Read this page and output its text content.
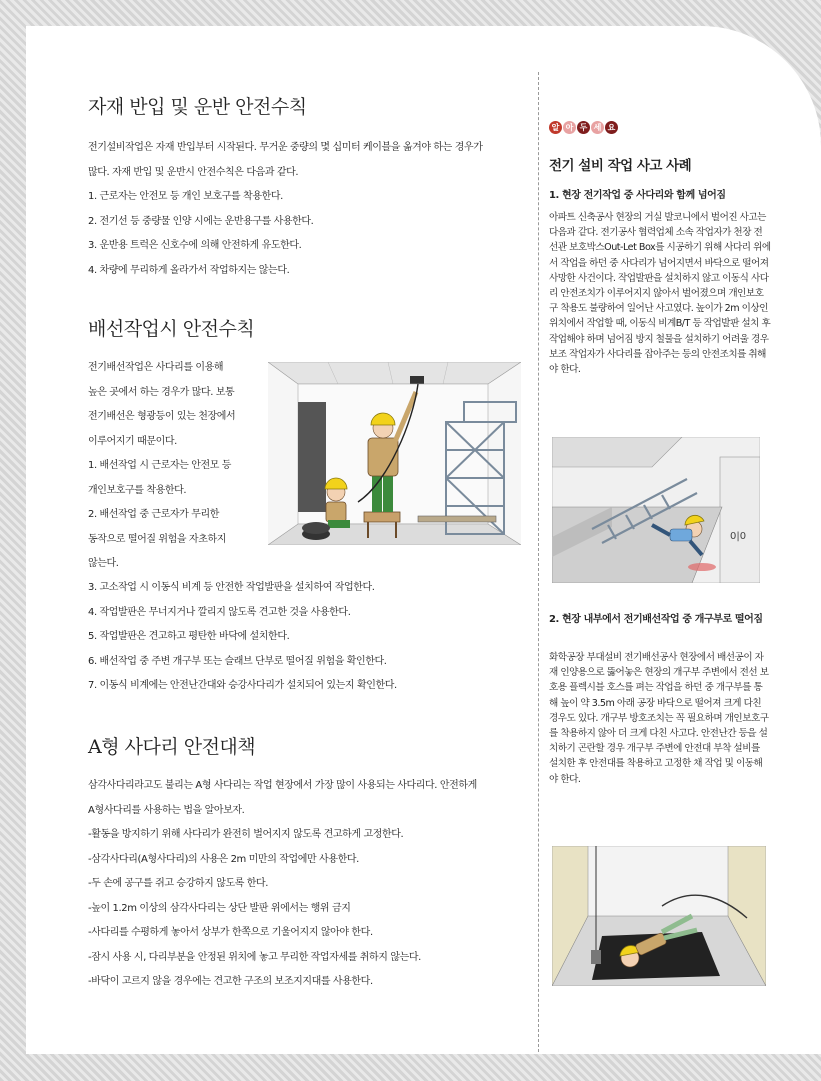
자재 반입 및 운반 안전수칙

전기설비작업은 자재 반입부터 시작된다. 무거운 중량의 몇 십미터 케이블을 옮겨야 하는 경우가

많다. 자재 반입 및 운반시 안전수칙은 다음과 같다.

1. 근로자는 안전모 등 개인 보호구를 착용한다.

2. 전기선 등 중량물 인양 시에는 운반용구를 사용한다.

3. 운반용 트럭은 신호수에 의해 안전하게 유도한다.

4. 차량에 무리하게 올라가서 작업하지는 않는다.

배선작업시 안전수칙

전기배선작업은 사다리를 이용해

높은 곳에서 하는 경우가 많다. 보통

전기배선은 형광등이 있는 천장에서

이루어지기 때문이다.

1. 배선작업 시 근로자는 안전모 등

개인보호구를 착용한다.

2. 배선작업 중 근로자가 무리한

동작으로 떨어질 위험을 자초하지

않는다.

3. 고소작업 시 이동식 비계 등 안전한 작업발판을 설치하여 작업한다.

4. 작업발판은 무너지거나 깔리지 않도록 견고한 것을 사용한다.

5. 작업발판은 견고하고 평탄한 바닥에 설치한다.

6. 배선작업 중 주변 개구부 또는 슬래브 단부로 떨어질 위험을 확인한다.

7. 이동식 비계에는 안전난간대와 승강사다리가 설치되어 있는지 확인한다.

A형 사다리 안전대책

삼각사다리라고도 불리는 A형 사다리는 작업 현장에서 가장 많이 사용되는 사다리다. 안전하게

A형사다리를 사용하는 법을 알아보자.

-활동을 방지하기 위해 사다리가 완전히 벌어지지 않도록 견고하게 고정한다.

-삼각사다리(A형사다리)의 사용은 2m 미만의 작업에만 사용한다.

-두 손에 공구를 쥐고 승강하지 않도록 한다.

-높이 1.2m 이상의 삼각사다리는 상단 발판 위에서는 행위 금지

-사다리를 수평하게 놓아서 상부가 한쪽으로 기울어지지 않아야 한다.

-잠시 사용 시, 다리부분을 안정된 위치에 놓고 무리한 작업자세를 취하지 않는다.

-바닥이 고르지 않을 경우에는 견고한 구조의 보조지지대를 사용한다.

알 아 두 세 요
전기 설비 작업 사고 사례

1. 현장 전기작업 중 사다리와 함께 넘어짐

아파트 신축공사 현장의 거실 발코니에서 벌어진 사고는 다음과 같다. 전기공사 협력업체 소속 작업자가 천장 전선관 보호박스Out-Let Box를 시공하기 위해 사다리 위에서 작업을 하던 중 사다리가 넘어지면서 바닥으로 떨어져 사망한 사건이다. 작업발판을 설치하지 않고 이동식 사다리 안전조치가 이루어지지 않아서 벌어졌으며 개인보호구 착용도 불량하여 일어난 사고였다. 높이가 2m 이상인 위치에서 작업할 때, 이동식 비계B/T 등 작업발판 설치 후 작업해야 하며 넘어짐 방지 철물을 설치하기 어려울 경우 보조 작업자가 사다리를 잡아주는 등의 안전조치를 취해야 한다.

0|0

2. 현장 내부에서 전기배선작업 중 개구부로 떨어짐

화학공장 부대설비 전기배선공사 현장에서 배선공이 자재 인양용으로 뚫어놓은 현장의 개구부 주변에서 전선 보호용 플렉시블 호스를 펴는 작업을 하던 중 개구부를 통해 높이 약 3.5m 아래 공장 바닥으로 떨어져 크게 다친 경우도 있다. 개구부 방호조치는 꼭 필요하며 개인보호구를 착용하지 않아 더 크게 다친 사고다. 안전난간 등을 설치하기 곤란할 경우 개구부 주변에 안전대 부착 설비를 설치한 후 안전대를 착용하고 고정한 채 작업 및 이동해야 한다.
